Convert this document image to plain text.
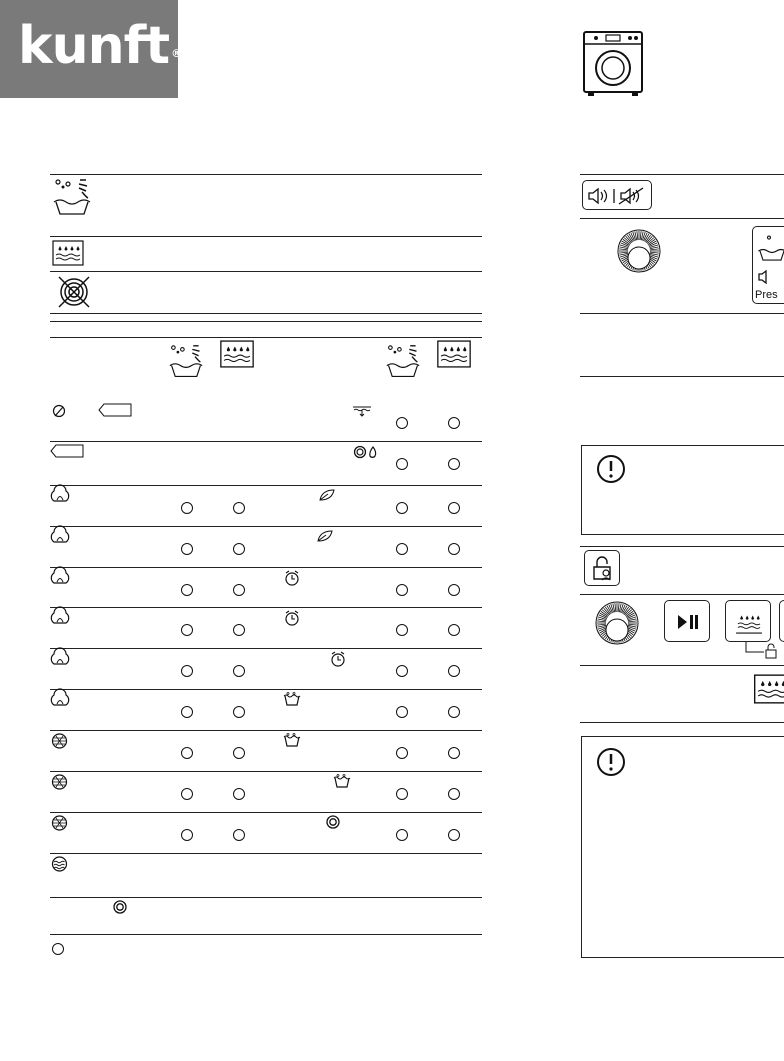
kunft ®
Pres
